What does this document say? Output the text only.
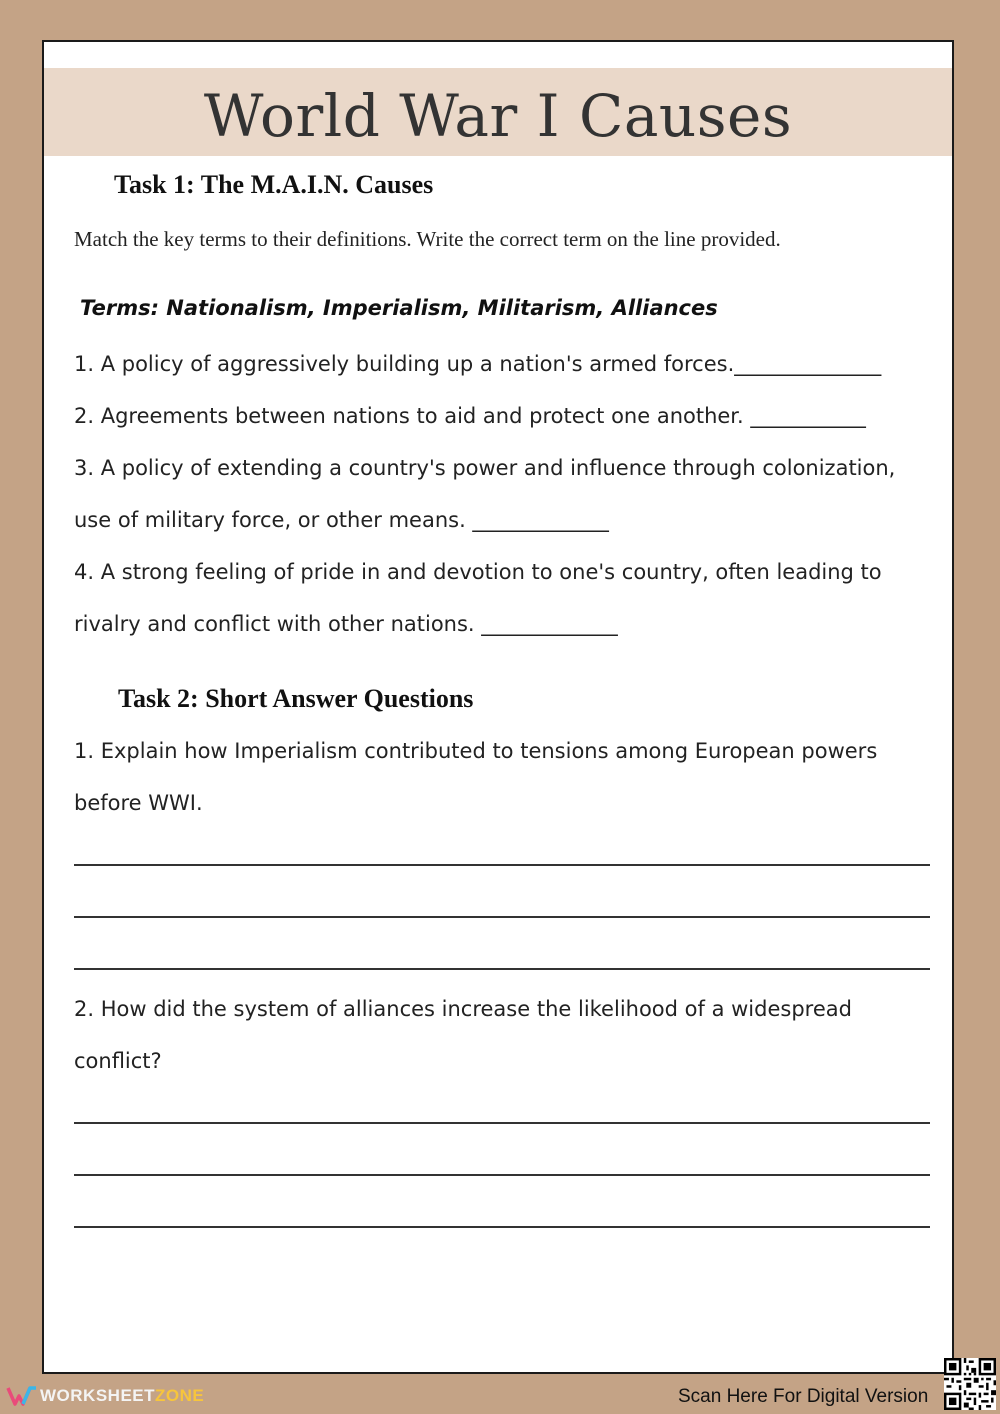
World War I Causes
Task 1: The M.A.I.N. Causes
Match the key terms to their definitions. Write the correct term on the line provided.
Terms: Nationalism, Imperialism, Militarism, Alliances
1. A policy of aggressively building up a nation's armed forces.______________
2. Agreements between nations to aid and protect one another. ___________
3. A policy of extending a country's power and influence through colonization,
use of military force, or other means. _____________
4. A strong feeling of pride in and devotion to one's country, often leading to
rivalry and conflict with other nations. _____________
Task 2: Short Answer Questions
1. Explain how Imperialism contributed to tensions among European powers
before WWI.
2. How did the system of alliances increase the likelihood of a widespread
conflict?
WORKSHEETZONE	Scan Here For Digital Version
